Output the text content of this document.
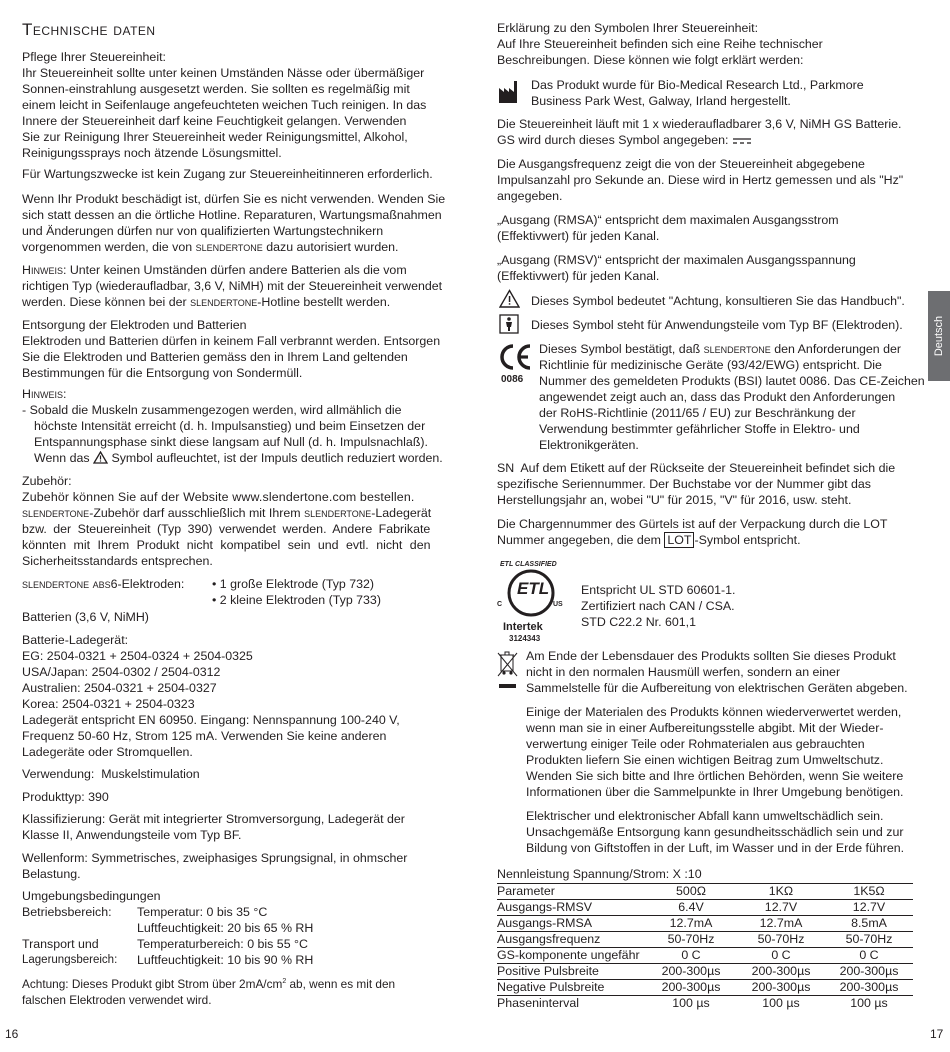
Technische daten

Pflege Ihrer Steuereinheit:

Ihr Steuereinheit sollte unter keinen Umständen Nässe oder übermäßiger

Sonnen-einstrahlung ausgesetzt werden. Sie sollten es regelmäßig mit

einem leicht in Seifenlauge angefeuchteten weichen Tuch reinigen. In das

Innere der Steuereinheit darf keine Feuchtigkeit gelangen. Verwenden

Sie zur Reinigung Ihrer Steuereinheit weder Reinigungsmittel, Alkohol,

Reinigungssprays noch ätzende Lösungsmittel.

Für Wartungszwecke ist kein Zugang zur Steuereinheitinneren erforderlich.

Wenn Ihr Produkt beschädigt ist, dürfen Sie es nicht verwenden. Wenden Sie

sich statt dessen an die örtliche Hotline. Reparaturen, Wartungsmaßnahmen

und Änderungen dürfen nur von qualifizierten Wartungstechnikern

vorgenommen werden, die von slendertone dazu autorisiert wurden.

Hinweis: Unter keinen Umständen dürfen andere Batterien als die vom

richtigen Typ (wiederaufladbar, 3,6 V, NiMH) mit der Steuereinheit verwendet

werden. Diese können bei der slendertone-Hotline bestellt werden.

Entsorgung der Elektroden und Batterien

Elektroden und Batterien dürfen in keinem Fall verbrannt werden. Entsorgen

Sie die Elektroden und Batterien gemäss den in Ihrem Land geltenden

Bestimmungen für die Entsorgung von Sondermüll.

Hinweis:

- Sobald die Muskeln zusammengezogen werden, wird allmählich die

höchste Intensität erreicht (d. h. Impulsanstieg) und beim Einsetzen der

Entspannungsphase sinkt diese langsam auf Null (d. h. Impulsnachlaß).

Wenn das  Symbol aufleuchtet, ist der Impuls deutlich reduziert worden.

Zubehör:

Zubehör können Sie auf der Website www.slendertone.com bestellen.

slendertone-Zubehör darf ausschließlich mit Ihrem slendertone-Ladegerät

bzw. der Steuereinheit (Typ 390) verwendet werden. Andere Fabrikate

könnten mit Ihrem Produkt nicht kompatibel sein und evtl. nicht den

Sicherheitsstandards entsprechen.

slendertone abs6-Elektroden: • 1 große Elektrode (Typ 732)
• 2 kleine Elektroden (Typ 733)

Batterien (3,6 V, NiMH)

Batterie-Ladegerät:

EG: 2504-0321 + 2504-0324 + 2504-0325

USA/Japan: 2504-0302 / 2504-0312

Australien: 2504-0321 + 2504-0327

Korea: 2504-0321 + 2504-0323

Ladegerät entspricht EN 60950. Eingang: Nennspannung 100-240 V,

Frequenz 50-60 Hz, Strom 125 mA. Verwenden Sie keine anderen

Ladegeräte oder Stromquellen.

Verwendung:  Muskelstimulation

Produkttyp: 390

Klassifizierung: Gerät mit integrierter Stromversorgung, Ladegerät der

Klasse II, Anwendungsteile vom Typ BF.

Wellenform: Symmetrisches, zweiphasiges Sprungsignal, in ohmscher

Belastung.

Umgebungsbedingungen

Betriebsbereich: Temperatur: 0 bis 35 °C
Luftfeuchtigkeit: 20 bis 65 % RH
Transport und	Temperaturbereich: 0 bis 55 °C
Lagerungsbereich: Luftfeuchtigkeit: 10 bis 90 % RH

Achtung: Dieses Produkt gibt Strom über $2mA/cm^2$ ab, wenn es mit den

falschen Elektroden verwendet wird.

16

Erklärung zu den Symbolen Ihrer Steuereinheit:

Auf Ihre Steuereinheit befinden sich eine Reihe technischer

Beschreibungen. Diese können wie folgt erklärt werden:

Das Produkt wurde für Bio-Medical Research Ltd., Parkmore

Business Park West, Galway, Irland hergestellt.

Die Steuereinheit läuft mit 1 x wiederaufladbarer 3,6 V, NiMH GS Batterie.

GS wird durch dieses Symbol angegeben:

Die Ausgangsfrequenz zeigt die von der Steuereinheit abgegebene

Impulsanzahl pro Sekunde an. Diese wird in Hertz gemessen und als "Hz"

angegeben.

„Ausgang (RMSA)“ entspricht dem maximalen Ausgangsstrom

(Effektivwert) für jeden Kanal.

„Ausgang (RMSV)“ entspricht der maximalen Ausgangsspannung

(Effektivwert) für jeden Kanal.

Dieses Symbol bedeutet "Achtung, konsultieren Sie das Handbuch".

Dieses Symbol steht für Anwendungsteile vom Typ BF (Elektroden).

0086

Dieses Symbol bestätigt, daß slendertone den Anforderungen der

Richtlinie für medizinische Geräte (93/42/EWG) entspricht. Die

Nummer des gemeldeten Produkts (BSI) lautet 0086. Das CE-Zeichen

angewendet zeigt auch an, dass das Produkt den Anforderungen

der RoHS-Richtlinie (2011/65 / EU) zur Beschränkung der

Verwendung bestimmter gefährlicher Stoffe in Elektro- und

Elektronikgeräten.

SN  Auf dem Etikett auf der Rückseite der Steuereinheit befindet sich die

spezifische Seriennummer. Der Buchstabe vor der Nummer gibt das

Herstellungsjahr an, wobei "U" für 2015, "V" für 2016, usw. steht.

Die Chargennummer des Gürtels ist auf der Verpackung durch die LOT

Nummer angegeben, die dem LOT -Symbol entspricht.

ETL CLASSIFIED
ETL
C	US
Intertek
3124343

Entspricht UL STD 60601-1.

Zertifiziert nach CAN / CSA.

STD C22.2 Nr. 601,1

Am Ende der Lebensdauer des Produkts sollten Sie dieses Produkt

nicht in den normalen Hausmüll werfen, sondern an einer

Sammelstelle für die Aufbereitung von elektrischen Geräten abgeben.

Einige der Materialen des Produkts können wiederverwertet werden,

wenn man sie in einer Aufbereitungsstelle abgibt. Mit der Wieder-

verwertung einiger Teile oder Rohmaterialen aus gebrauchten

Produkten liefern Sie einen wichtigen Beitrag zum Umweltschutz.

Wenden Sie sich bitte and Ihre örtlichen Behörden, wenn Sie weitere

Informationen über die Sammelpunkte in Ihrer Umgebung benötigen.

Elektrischer und elektronischer Abfall kann umweltschädlich sein.

Unsachgemäße Entsorgung kann gesundheitsschädlich sein und zur

Bildung von Giftstoffen in der Luft, im Wasser und in der Erde führen.

Nennleistung Spannung/Strom: X :10

Parameter	500Ω	1KΩ	1K5Ω
Ausgangs-RMSV	6.4V	12.7V	12.7V
Ausgangs-RMSA	12.7mA	12.7mA	8.5mA
Ausgangsfrequenz	50-70Hz	50-70Hz	50-70Hz
GS-komponente ungefähr	0 C	0 C	0 C
Positive Pulsbreite	200-300µs	200-300µs	200-300µs
Negative Pulsbreite	200-300µs	200-300µs	200-300µs
Phaseninterval	100 µs	100 µs	100 µs
Deutsch
17
